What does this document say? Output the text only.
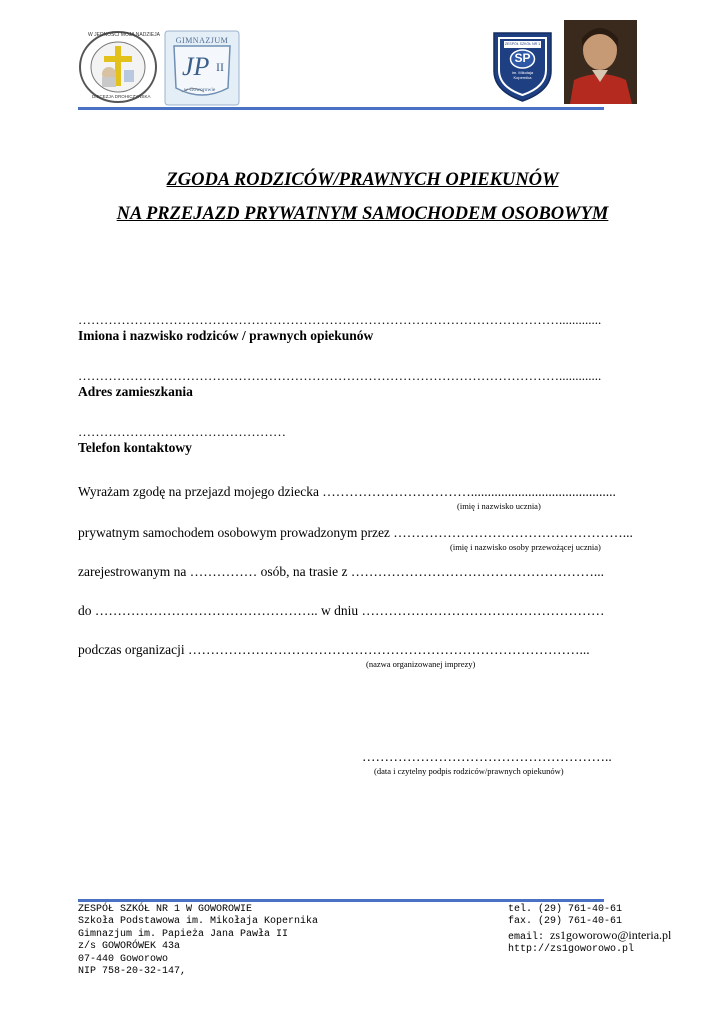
W JEDNOŚCI MOJA NADZIEJA
DIECEZJA DROHICZYŃSKA
GIMNAZJUM
JP II
w Goworowie
ZESPÓŁ SZKÓŁ NR 1
SP
im. Mikołaja Kopernika
ZGODA RODZICÓW/PRAWNYCH OPIEKUNÓW
NA PRZEJAZD PRYWATNYM SAMOCHODEM OSOBOWYM
………………………………………………………………………………………………….............
Imiona i nazwisko rodziców / prawnych opiekunów
………………………………………………………………………………………………….............
Adres zamieszkania
…………………………………………
Telefon kontaktowy
Wyrażam zgodę na przejazd mojego dziecka ……………………………...........................................
(imię i nazwisko ucznia)
prywatnym samochodem osobowym prowadzonym przez ……………………………………………...
(imię i nazwisko osoby przewożącej ucznia)
zarejestrowanym na …………… osób, na trasie z ………………………………………………...
do ………………………………………….. w dniu ………………………………………………
podczas organizacji ……………………………………………………………………………...
(nazwa organizowanej imprezy)
………………………………………………..
(data i czytelny podpis rodziców/prawnych opiekunów)
ZESPÓŁ SZKÓŁ NR 1 W GOWOROWIE
Szkoła Podstawowa im. Mikołaja Kopernika
Gimnazjum im. Papieża Jana Pawła II
z/s GOWORÓWEK 43a
07-440 Goworowo
NIP 758-20-32-147,
tel. (29) 761-40-61
fax. (29) 761-40-61
email: zs1goworowo@interia.pl
http://zs1goworowo.pl
